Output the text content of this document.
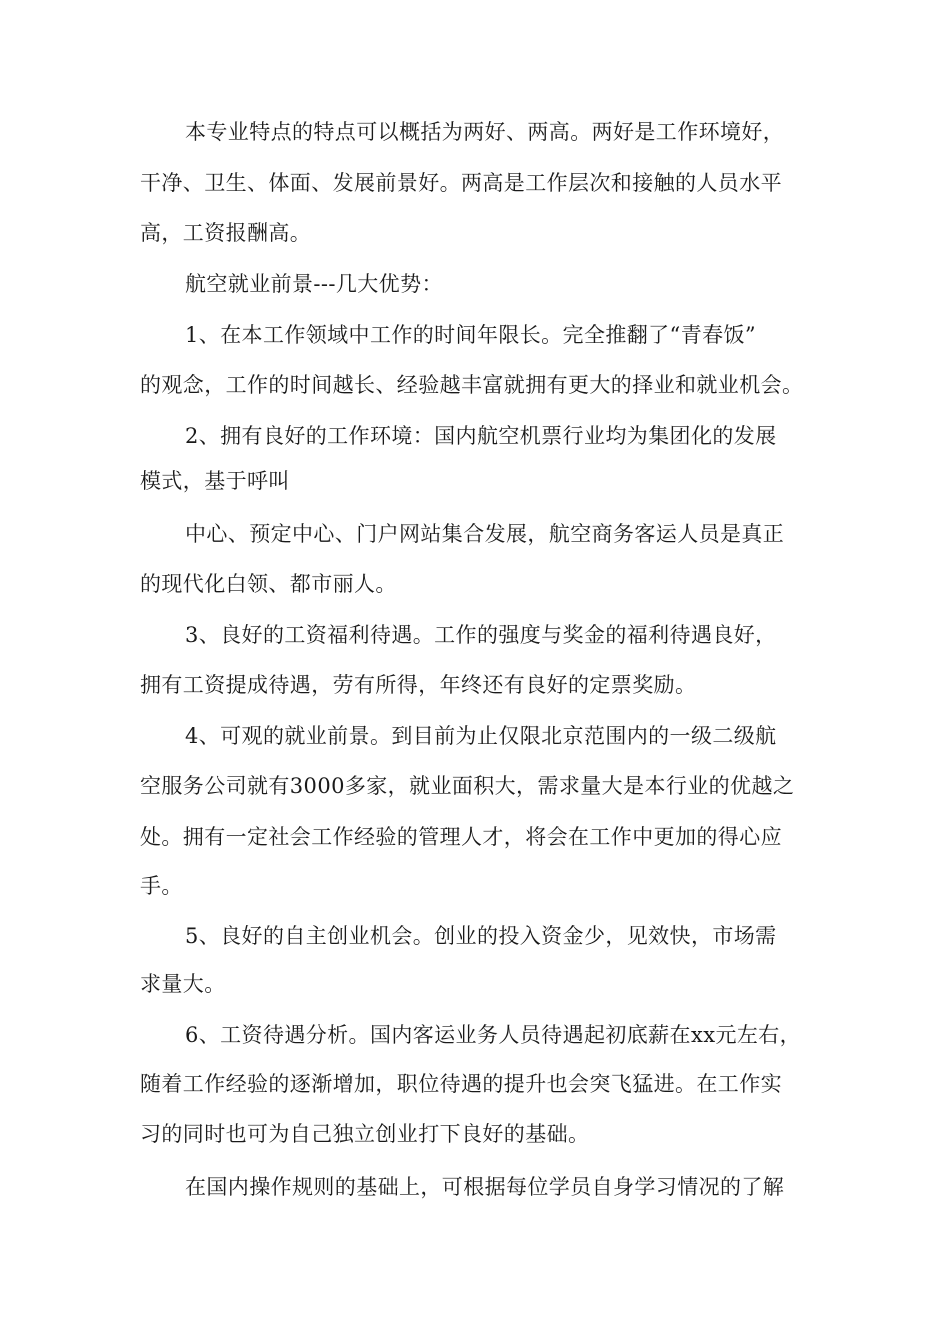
本专业特点的特点可以概括为两好、两高。两好是工作环境好，

干净、卫生、体面、发展前景好。两高是工作层次和接触的人员水平

高，工资报酬高。

航空就业前景---几大优势：

1、在本工作领域中工作的时间年限长。完全推翻了“青春饭”

的观念，工作的时间越长、经验越丰富就拥有更大的择业和就业机会。

2、拥有良好的工作环境：国内航空机票行业均为集团化的发展

模式，基于呼叫

中心、预定中心、门户网站集合发展，航空商务客运人员是真正

的现代化白领、都市丽人。

3、良好的工资福利待遇。工作的强度与奖金的福利待遇良好，

拥有工资提成待遇，劳有所得，年终还有良好的定票奖励。

4、可观的就业前景。到目前为止仅限北京范围内的一级二级航

空服务公司就有3000多家，就业面积大，需求量大是本行业的优越之

处。拥有一定社会工作经验的管理人才，将会在工作中更加的得心应

手。

5、良好的自主创业机会。创业的投入资金少，见效快，市场需

求量大。

6、工资待遇分析。国内客运业务人员待遇起初底薪在xx元左右，

随着工作经验的逐渐增加，职位待遇的提升也会突飞猛进。在工作实

习的同时也可为自己独立创业打下良好的基础。

在国内操作规则的基础上，可根据每位学员自身学习情况的了解
